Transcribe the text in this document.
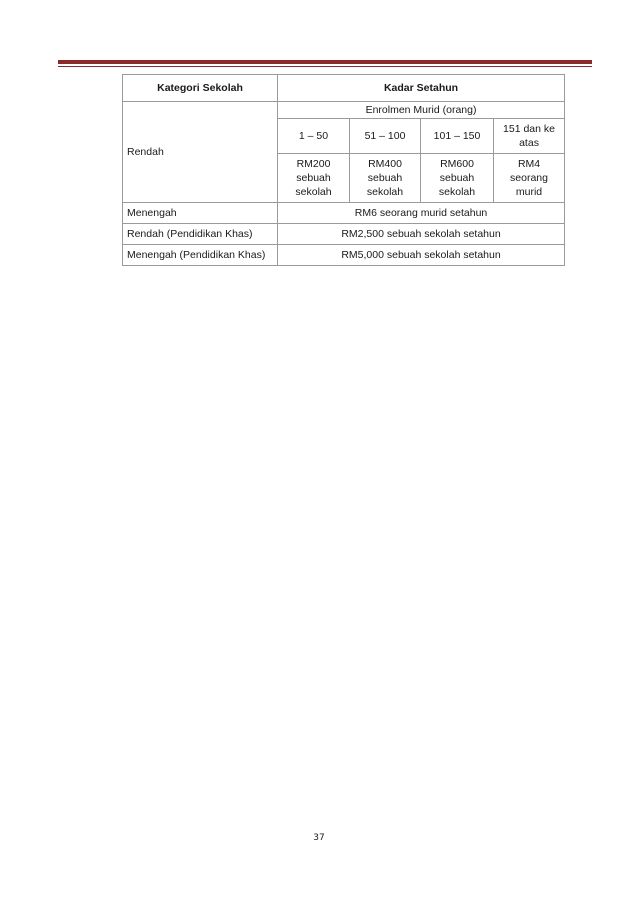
Kategori Sekolah	Kadar Setahun			
Rendah	Enrolmen Murid (orang)			
	1 – 50	51 – 100	101 – 150	151 dan ke atas
	RM200 sebuah sekolah	RM400 sebuah sekolah	RM600 sebuah sekolah	RM4 seorang murid
Menengah	RM6 seorang murid setahun			
Rendah (Pendidikan Khas)	RM2,500 sebuah sekolah setahun			
Menengah (Pendidikan Khas)	RM5,000 sebuah sekolah setahun			
37
